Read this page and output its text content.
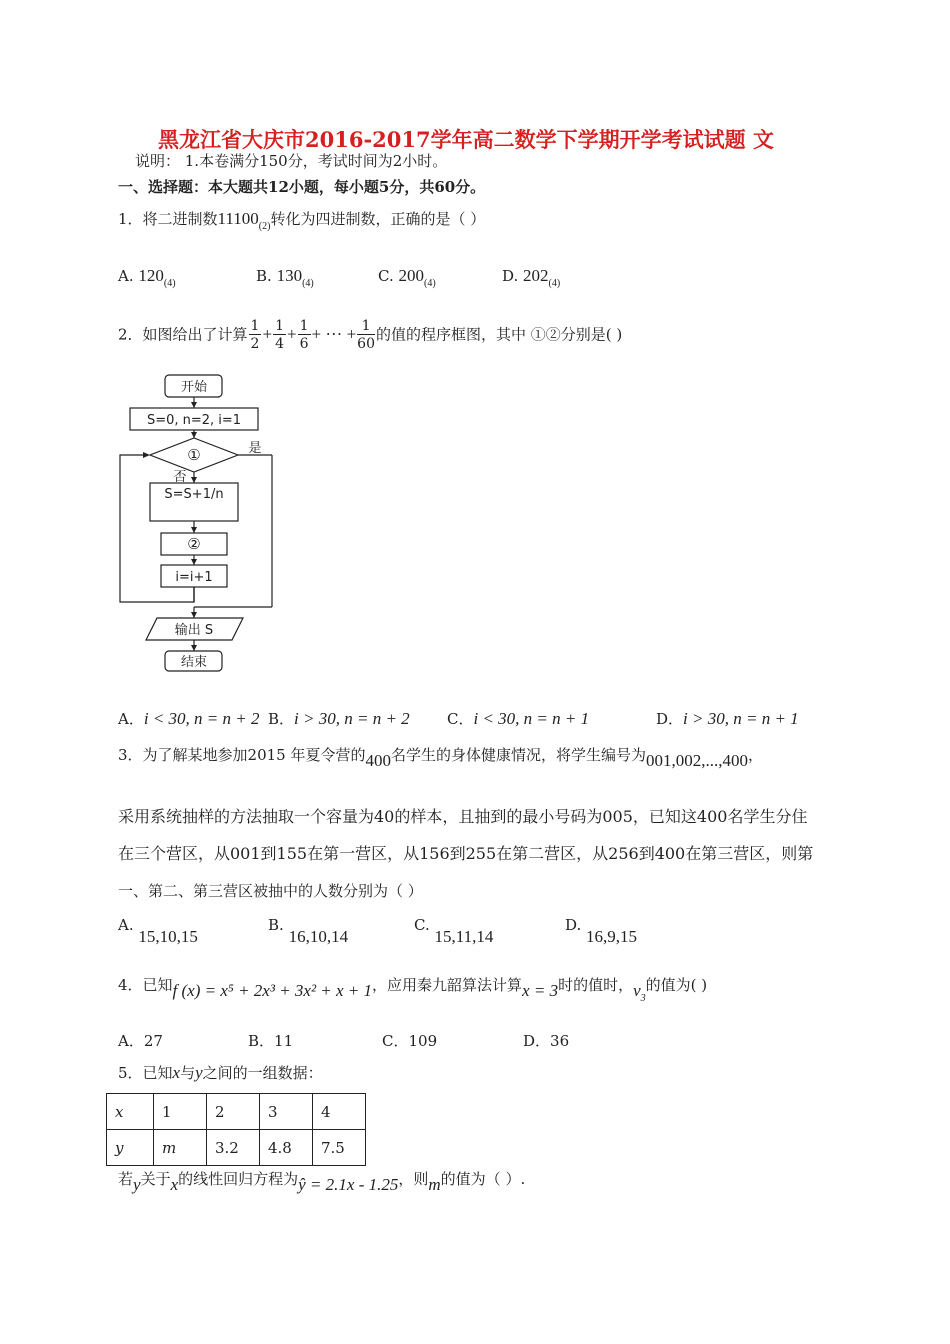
黑龙江省大庆市2016-2017学年高二数学下学期开学考试试题 文
说明： 1.本卷满分150分，考试时间为2小时。
一、选择题：本大题共12小题，每小题5分，共60分。
1．将二进制数$11100_{(2)}$转化为四进制数，正确的是（ ）
A. $120_{(4)}$	B. $130_{(4)}$	C. $200_{(4)}$	D. $202_{(4)}$
2．如图给出了计算 $\frac{1}{2} + \frac{1}{4} + \frac{1}{6}$ + ··· + $\frac{1}{60}$ 的值的程序框图，其中 ①②分别是( )
开始
S=0, n=2, i=1
①	是
否
S=S+1/n
②
i=i+1
输出 S
结束
A．i < 30, n = n + 2 B．i > 30, n = n + 2 C．i < 30, n = n + 1	D．i > 30, n = n + 1
3．为了解某地参加2015 年夏令营的400名学生的身体健康情况，将学生编号为001,002,...,400，
采用系统抽样的方法抽取一个容量为40的样本，且抽到的最小号码为005，已知这400名学生分住
在三个营区，从001到155在第一营区，从156到255在第二营区，从256到400在第三营区，则第
一、第二、第三营区被抽中的人数分别为（ ）
A. 15,10,15
B. 16,10,14
C. 15,11,14
D. 16,9,15
4．已知f (x) = x⁵ + 2x³ + 3x² + x + 1，应用秦九韶算法计算x = 3时的值时，$v_3$的值为( )
A．27	B．11	C．109	D．36
5．已知x与y之间的一组数据：
x	1	2	3	4
y	m	3.2	4.8	7.5
若y关于x的线性回归方程为ŷ = 2.1x - 1.25，则m的值为（ ）.
